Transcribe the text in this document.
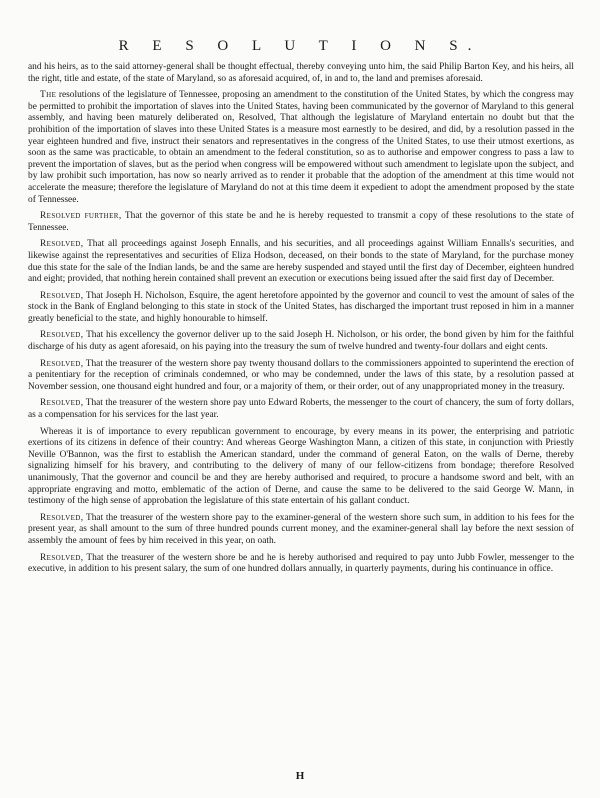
R E S O L U T I O N S.

and his heirs, as to the said attorney-general shall be thought effectual, thereby conveying unto him, the said Philip Barton Key, and his heirs, all the right, title and estate, of the state of Maryland, so as aforesaid acquired, of, in and to, the land and premises aforesaid.

The resolutions of the legislature of Tennessee, proposing an amendment to the constitution of the United States, by which the congress may be permitted to prohibit the importation of slaves into the United States, having been communicated by the governor of Maryland to this general assembly, and having been maturely deliberated on, Resolved, That although the legislature of Maryland entertain no doubt but that the prohibition of the importation of slaves into these United States is a measure most earnestly to be desired, and did, by a resolution passed in the year eighteen hundred and five, instruct their senators and representatives in the congress of the United States, to use their utmost exertions, as soon as the same was practicable, to obtain an amendment to the federal constitution, so as to authorise and empower congress to pass a law to prevent the importation of slaves, but as the period when congress will be empowered without such amendment to legislate upon the subject, and by law prohibit such importation, has now so nearly arrived as to render it probable that the adoption of the amendment at this time would not accelerate the measure; therefore the legislature of Maryland do not at this time deem it expedient to adopt the amendment proposed by the state of Tennessee.

Resolved further, That the governor of this state be and he is hereby requested to transmit a copy of these resolutions to the state of Tennessee.

Resolved, That all proceedings against Joseph Ennalls, and his securities, and all proceedings against William Ennalls's securities, and likewise against the representatives and securities of Eliza Hodson, deceased, on their bonds to the state of Maryland, for the purchase money due this state for the sale of the Indian lands, be and the same are hereby suspended and stayed until the first day of December, eighteen hundred and eight; provided, that nothing herein contained shall prevent an execution or executions being issued after the said first day of December.

Resolved, That Joseph H. Nicholson, Esquire, the agent heretofore appointed by the governor and council to vest the amount of sales of the stock in the Bank of England belonging to this state in stock of the United States, has discharged the important trust reposed in him in a manner greatly beneficial to the state, and highly honourable to himself.

Resolved, That his excellency the governor deliver up to the said Joseph H. Nicholson, or his order, the bond given by him for the faithful discharge of his duty as agent aforesaid, on his paying into the treasury the sum of twelve hundred and twenty-four dollars and eight cents.

Resolved, That the treasurer of the western shore pay twenty thousand dollars to the commissioners appointed to superintend the erection of a penitentiary for the reception of criminals condemned, or who may be condemned, under the laws of this state, by a resolution passed at November session, one thousand eight hundred and four, or a majority of them, or their order, out of any unappropriated money in the treasury.

Resolved, That the treasurer of the western shore pay unto Edward Roberts, the messenger to the court of chancery, the sum of forty dollars, as a compensation for his services for the last year.

Whereas it is of importance to every republican government to encourage, by every means in its power, the enterprising and patriotic exertions of its citizens in defence of their country: And whereas George Washington Mann, a citizen of this state, in conjunction with Priestly Neville O'Bannon, was the first to establish the American standard, under the command of general Eaton, on the walls of Derne, thereby signalizing himself for his bravery, and contributing to the delivery of many of our fellow-citizens from bondage; therefore Resolved unanimously, That the governor and council be and they are hereby authorised and required, to procure a handsome sword and belt, with an appropriate engraving and motto, emblematic of the action of Derne, and cause the same to be delivered to the said George W. Mann, in testimony of the high sense of approbation the legislature of this state entertain of his gallant conduct.

Resolved, That the treasurer of the western shore pay to the examiner-general of the western shore such sum, in addition to his fees for the present year, as shall amount to the sum of three hundred pounds current money, and the examiner-general shall lay before the next session of assembly the amount of fees by him received in this year, on oath.

Resolved, That the treasurer of the western shore be and he is hereby authorised and required to pay unto Jubb Fowler, messenger to the executive, in addition to his present salary, the sum of one hundred dollars annually, in quarterly payments, during his continuance in office.

H
